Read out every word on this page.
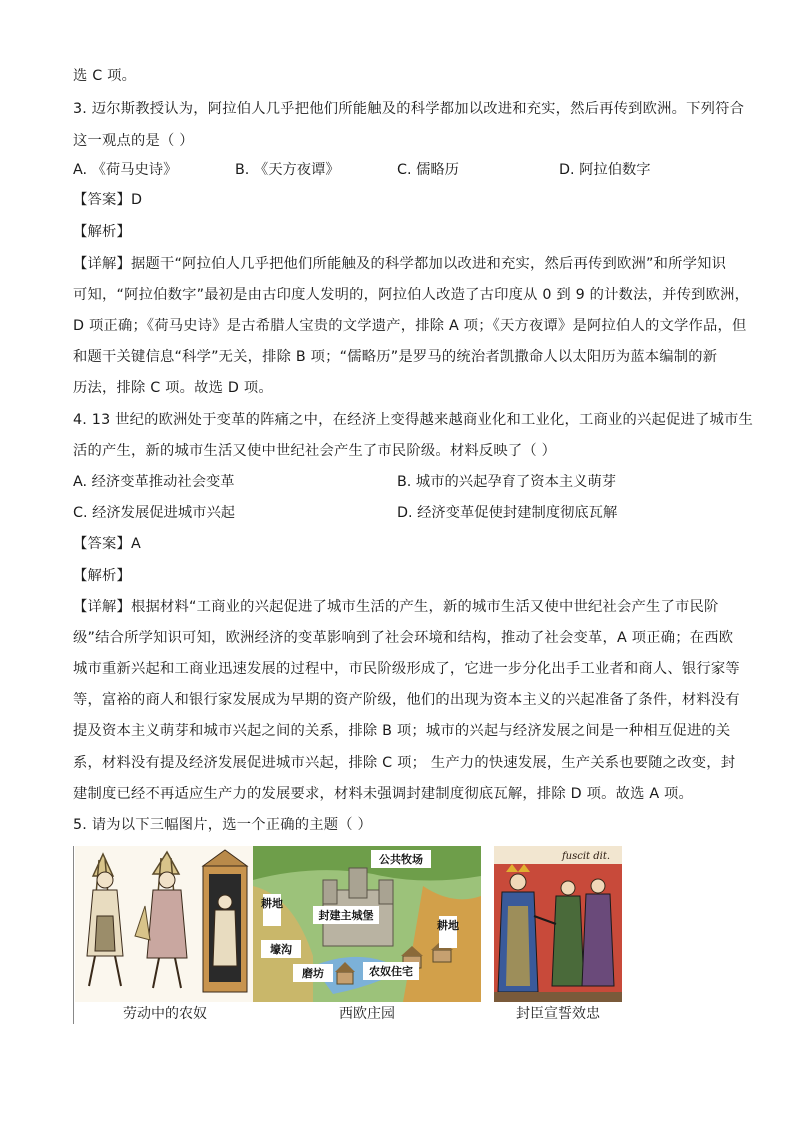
选 C 项。
3. 迈尔斯教授认为，阿拉伯人几乎把他们所能触及的科学都加以改进和充实，然后再传到欧洲。下列符合
这一观点的是（ ）
A. 《荷马史诗》	B. 《天方夜谭》	C. 儒略历	D. 阿拉伯数字
【答案】D
【解析】
【详解】据题干“阿拉伯人几乎把他们所能触及的科学都加以改进和充实，然后再传到欧洲”和所学知识
可知，“阿拉伯数字”最初是由古印度人发明的，阿拉伯人改造了古印度从 0 到 9 的计数法，并传到欧洲，
D 项正确；《荷马史诗》是古希腊人宝贵的文学遗产，排除 A 项；《天方夜谭》是阿拉伯人的文学作品，但
和题干关键信息“科学”无关，排除 B 项；“儒略历”是罗马的统治者凯撒命人以太阳历为蓝本编制的新
历法，排除 C 项。故选 D 项。
4. 13 世纪的欧洲处于变革的阵痛之中，在经济上变得越来越商业化和工业化，工商业的兴起促进了城市生
活的产生，新的城市生活又使中世纪社会产生了市民阶级。材料反映了（ ）
A. 经济变革推动社会变革	B. 城市的兴起孕育了资本主义萌芽
C. 经济发展促进城市兴起	D. 经济变革促使封建制度彻底瓦解
【答案】A
【解析】
【详解】根据材料“工商业的兴起促进了城市生活的产生，新的城市生活又使中世纪社会产生了市民阶
级”结合所学知识可知，欧洲经济的变革影响到了社会环境和结构，推动了社会变革，A 项正确；在西欧
城市重新兴起和工商业迅速发展的过程中，市民阶级形成了，它进一步分化出手工业者和商人、银行家等
等，富裕的商人和银行家发展成为早期的资产阶级，他们的出现为资本主义的兴起准备了条件，材料没有
提及资本主义萌芽和城市兴起之间的关系，排除 B 项；城市的兴起与经济发展之间是一种相互促进的关
系，材料没有提及经济发展促进城市兴起，排除 C 项； 生产力的快速发展，生产关系也要随之改变，封
建制度已经不再适应生产力的发展要求，材料未强调封建制度彻底瓦解，排除 D 项。故选 A 项。
5. 请为以下三幅图片，选一个正确的主题（ ）
劳动中的农奴
公共牧场
封建主城堡
耕地
耕地
壕沟
磨坊	农奴住宅
西欧庄园
fuscit dit.
封臣宣誓效忠
